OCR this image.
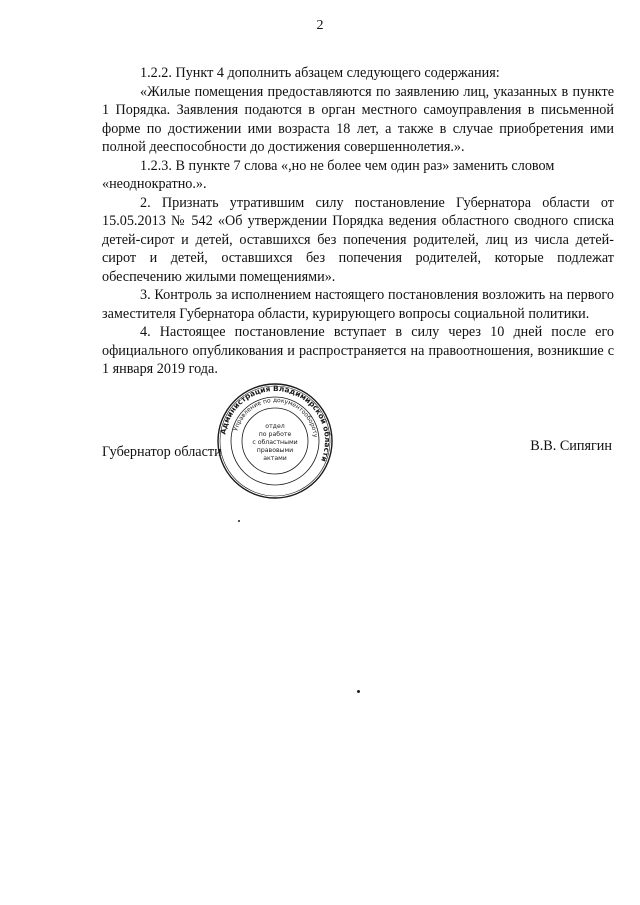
2

1.2.2. Пункт 4 дополнить абзацем следующего содержания:

«Жилые помещения предоставляются по заявлению лиц, указанных в пункте 1 Порядка. Заявления подаются в орган местного самоуправления в письменной форме по достижении ими возраста 18 лет, а также в случае приобретения ими полной дееспособности до достижения совершеннолетия.».

1.2.3. В пункте 7 слова «,но не более чем один раз» заменить словом

«неоднократно.».

2. Признать утратившим силу постановление Губернатора области от 15.05.2013 № 542 «Об утверждении Порядка ведения областного сводного списка детей-сирот и детей, оставшихся без попечения родителей, лиц из числа детей-сирот и детей, оставшихся без попечения родителей, которые подлежат обеспечению жилыми помещениями».

3. Контроль за исполнением настоящего постановления возложить на первого заместителя Губернатора области, курирующего вопросы социальной политики.

4. Настоящее постановление вступает в силу через 10 дней после его официального опубликования и распространяется на правоотношения, возникшие с 1 января 2019 года.

Губернатор области	В.В. Сипягин
Администрация Владимирской области
Управление по документообороту
отдел
по работе
с областными
правовыми
актами
